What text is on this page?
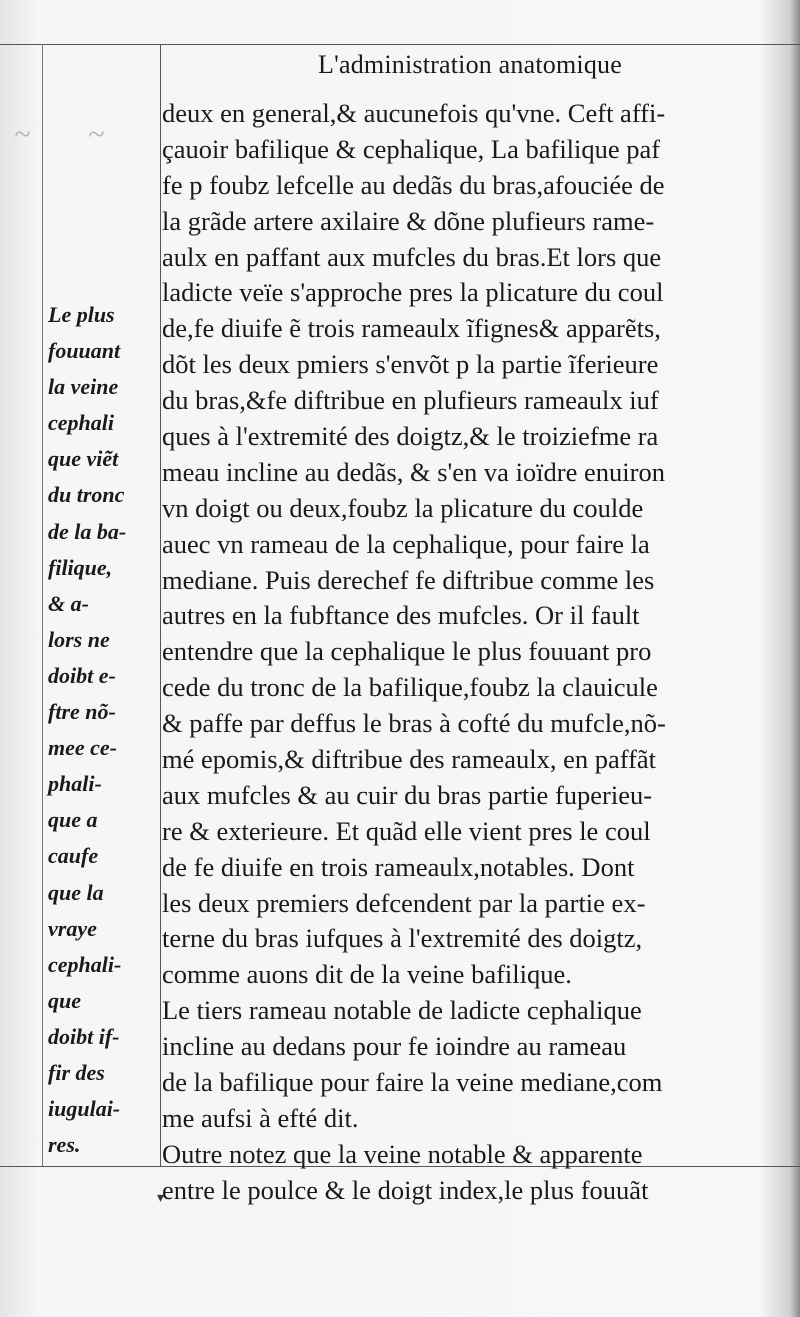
~ ~
L'administration anatomique
deux en general,& aucunefois qu'vne. Ceft affi-
çauoir bafilique & cephalique, La bafilique paf
fe p foubz lefcelle au dedãs du bras,afouciée de
la grãde artere axilaire & dõne plufieurs rame-
aulx en paffant aux mufcles du bras.Et lors que
ladicte veïe s'approche pres la plicature du coul
de,fe diuife ẽ trois rameaulx ĩfignes& apparẽts,
dõt les deux pmiers s'envõt p la partie ĩferieure
du bras,&fe diftribue en plufieurs rameaulx iuf
ques à l'extremité des doigtz,& le troiziefme ra
meau incline au dedãs, & s'en va ioïdre enuiron
vn doigt ou deux,foubz la plicature du coulde
auec vn rameau de la cephalique, pour faire la
mediane. Puis derechef fe diftribue comme les
autres en la fubftance des mufcles. Or il fault
entendre que la cephalique le plus fouuant pro
cede du tronc de la bafilique,foubz la clauicule
& paffe par deffus le bras à cofté du mufcle,nõ-
mé epomis,& diftribue des rameaulx, en paffãt
aux mufcles & au cuir du bras partie fuperieu-
re & exterieure. Et quãd elle vient pres le coul
de fe diuife en trois rameaulx,notables. Dont
les deux premiers defcendent par la partie ex-
terne du bras iufques à l'extremité des doigtz,
comme auons dit de la veine bafilique.
Le tiers rameau notable de ladicte cephalique
incline au dedans pour fe ioindre au rameau
de la bafilique pour faire la veine mediane,com
me aufsi à efté dit.
Outre notez que la veine notable & apparente
entre le poulce & le doigt index,le plus fouuãt
Le plus
fouuant
la veine
cephali
que viẽt
du tronc
de la ba-
filique,
& a-
lors ne
doibt e-
ftre nõ-
mee ce-
phali-
que a
caufe
que la
vraye
cephali-
que
doibt if-
fir des
iugulai-
res.
▾
